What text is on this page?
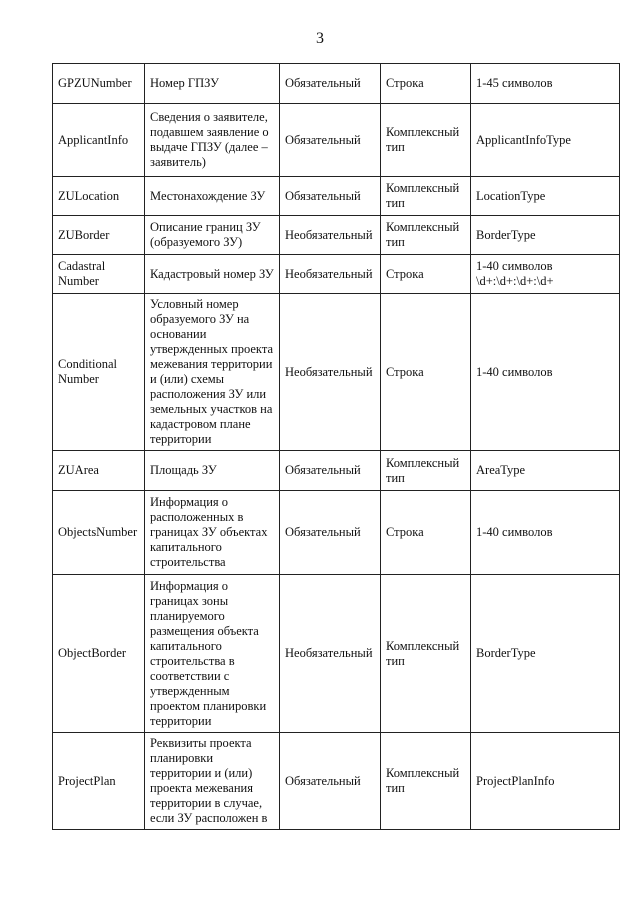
3
GPZUNumber	Номер ГПЗУ	Обязательный	Строка	1-45 символов
ApplicantInfo	Сведения о заявителе, подавшем заявление о выдаче ГПЗУ (далее – заявитель)	Обязательный	Комплексный тип	ApplicantInfoType
ZULocation	Местонахождение ЗУ	Обязательный	Комплексный тип	LocationType
ZUBorder	Описание границ ЗУ (образуемого ЗУ)	Необязательный	Комплексный тип	BorderType
Cadastral Number	Кадастровый номер ЗУ	Необязательный	Строка	1-40 символов \d+:\d+:\d+:\d+
Conditional Number	Условный номер образуемого ЗУ на основании утвержденных проекта межевания территории и (или) схемы расположения ЗУ или земельных участков на кадастровом плане территории	Необязательный	Строка	1-40 символов
ZUArea	Площадь ЗУ	Обязательный	Комплексный тип	AreaType
ObjectsNumber	Информация о расположенных в границах ЗУ объектах капитального строительства	Обязательный	Строка	1-40 символов
ObjectBorder	Информация о границах зоны планируемого размещения объекта капитального строительства в соответствии с утвержденным проектом планировки территории	Необязательный	Комплексный тип	BorderType
ProjectPlan	Реквизиты проекта планировки территории и (или) проекта межевания территории в случае, если ЗУ расположен в	Обязательный	Комплексный тип	ProjectPlanInfo
